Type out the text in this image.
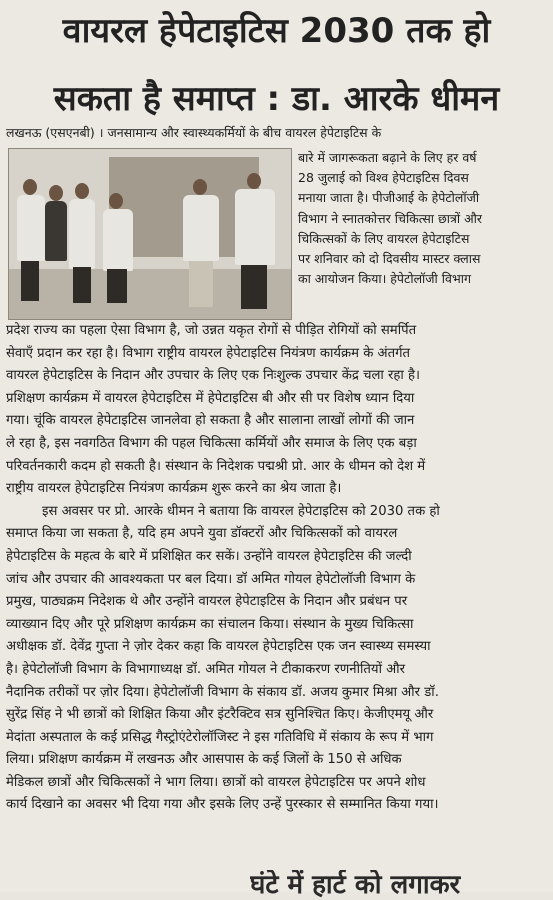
वायरल हेपेटाइटिस 2030 तक हो
सकता है समाप्त : डा. आरके धीमन
लखनऊ (एसएनबी) । जनसामान्य और स्वास्थ्यकर्मियों के बीच वायरल हेपेटाइटिस के
बारे में जागरूकता बढ़ाने के लिए हर वर्ष
28 जुलाई को विश्व हेपेटाइटिस दिवस
मनाया जाता है। पीजीआई के हेपेटोलॉजी
विभाग ने स्नातकोत्तर चिकित्सा छात्रों और
चिकित्सकों के लिए वायरल हेपेटाइटिस
पर शनिवार को दो दिवसीय मास्टर क्लास
का आयोजन किया। हेपेटोलॉजी विभाग
प्रदेश राज्य का पहला ऐसा विभाग है, जो उन्नत यकृत रोगों से पीड़ित रोगियों को समर्पित
सेवाएँ प्रदान कर रहा है। विभाग राष्ट्रीय वायरल हेपेटाइटिस नियंत्रण कार्यक्रम के अंतर्गत
वायरल हेपेटाइटिस के निदान और उपचार के लिए एक निःशुल्क उपचार केंद्र चला रहा है।
प्रशिक्षण कार्यक्रम में वायरल हेपेटाइटिस में हेपेटाइटिस बी और सी पर विशेष ध्यान दिया
गया। चूंकि वायरल हेपेटाइटिस जानलेवा हो सकता है और सालाना लाखों लोगों की जान
ले रहा है, इस नवगठित विभाग की पहल चिकित्सा कर्मियों और समाज के लिए एक बड़ा
परिवर्तनकारी कदम हो सकती है। संस्थान के निदेशक पद्मश्री प्रो. आर के धीमन को देश में
राष्ट्रीय वायरल हेपेटाइटिस नियंत्रण कार्यक्रम शुरू करने का श्रेय जाता है।
इस अवसर पर प्रो. आरके धीमन ने बताया कि वायरल हेपेटाइटिस को 2030 तक हो
समाप्त किया जा सकता है, यदि हम अपने युवा डॉक्टरों और चिकित्सकों को वायरल
हेपेटाइटिस के महत्व के बारे में प्रशिक्षित कर सकें। उन्होंने वायरल हेपेटाइटिस की जल्दी
जांच और उपचार की आवश्यकता पर बल दिया। डॉ अमित गोयल हेपेटोलॉजी विभाग के
प्रमुख, पाठ्यक्रम निदेशक थे और उन्होंने वायरल हेपेटाइटिस के निदान और प्रबंधन पर
व्याख्यान दिए और पूरे प्रशिक्षण कार्यक्रम का संचालन किया। संस्थान के मुख्य चिकित्सा
अधीक्षक डॉ. देवेंद्र गुप्ता ने ज़ोर देकर कहा कि वायरल हेपेटाइटिस एक जन स्वास्थ्य समस्या
है। हेपेटोलॉजी विभाग के विभागाध्यक्ष डॉ. अमित गोयल ने टीकाकरण रणनीतियों और
नैदानिक तरीकों पर ज़ोर दिया। हेपेटोलॉजी विभाग के संकाय डॉ. अजय कुमार मिश्रा और डॉ.
सुरेंद्र सिंह ने भी छात्रों को शिक्षित किया और इंटरैक्टिव सत्र सुनिश्चित किए। केजीएमयू और
मेदांता अस्पताल के कई प्रसिद्ध गैस्ट्रोएंटेरोलॉजिस्ट ने इस गतिविधि में संकाय के रूप में भाग
लिया। प्रशिक्षण कार्यक्रम में लखनऊ और आसपास के कई जिलों के 150 से अधिक
मेडिकल छात्रों और चिकित्सकों ने भाग लिया। छात्रों को वायरल हेपेटाइटिस पर अपने शोध
कार्य दिखाने का अवसर भी दिया गया और इसके लिए उन्हें पुरस्कार से सम्मानित किया गया।
घंटे में हार्ट को लगाकर
